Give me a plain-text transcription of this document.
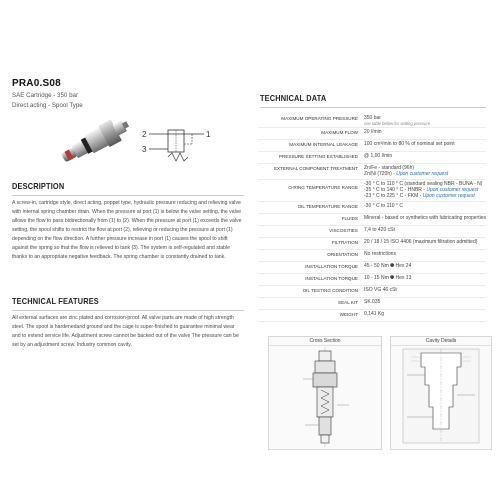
PRA0.S08
SAE Cartridge - 350 bar
Direct acting - Spool Type
2	1
3
DESCRIPTION

A screw-in, cartridge style, direct acting, poppet type, hydraulic pressure reducing and relieving valve with internal spring chamber drain. When the pressure at port (1) is below the valve setting, the valve allows the flow to pass bidirectionally from (1) to (2). When the pressure at port (1) exceeds the valve setting, the spool shifts to restrict the flow at port (2), relieving or reducing the pressure at port (1) depending on the flow direction. A further pressure increase in port (1) causes the spool to shift against the spring so that the flow is relieved to tank (3). The system is self-regulated and stable thanks to an appropriate negative feedback. The spring chamber is constantly drained to tank.

TECHNICAL FEATURES

All external surfaces are zinc plated and corrosion-proof. All valve parts are made of high strength steel. The spool is hardenedand ground and the cage is super-finished to guarantee minimal wear and to extend service life. Adjustment screw cannot be backed out of the valve The pressure can be set by an adjustment screw. Industry common cavity.

TECHNICAL DATA
MAXIMUM OPERATING PRESSURE 350 bar
see table below for setting pressure
MAXIMUM FLOW 20 l/min
MAXIMUM INTERNAL LEAKAGE 100 cm³/min to 80 % of nominal set point
PRESSURE SETTING ESTABLISHED @ 1,00 l/min
EXTERNAL COMPONENT TREATMENT Zn/Fe - standard (96h)
Zn/Ni (720h) - Upon customer request
O-RING TEMPERATURE RANGE
-30 ° C to 110 ° C (standard sealing NBR - BUNA - N)
-35 ° C to 140 ° C - HNBR - Upon customer request
-23 ° C to 225 ° C - FKM - Upon customer request
OIL TEMPERATURE RANGE -30 ° C to 110 ° C
FLUIDS Mineral - based or synthetics with lubricating properties
VISCOSITIES 7,4 to 420 cSt
FILTRATION 20 / 18 / 15 ISO 4406 (maximum filtration admitted)
ORIENTATION No restrictions
INSTALLATION TORQUE 45 - 50 Nm ⯃ Hex 24
INSTALLATION TORQUE 10 - 15 Nm ⯃ Hex 13
OIL TESTING CONDITION ISO VG 46 cSt
SEAL KIT SK.035
WEIGHT 0,141 Kg
Cross Section	Cavity Details
